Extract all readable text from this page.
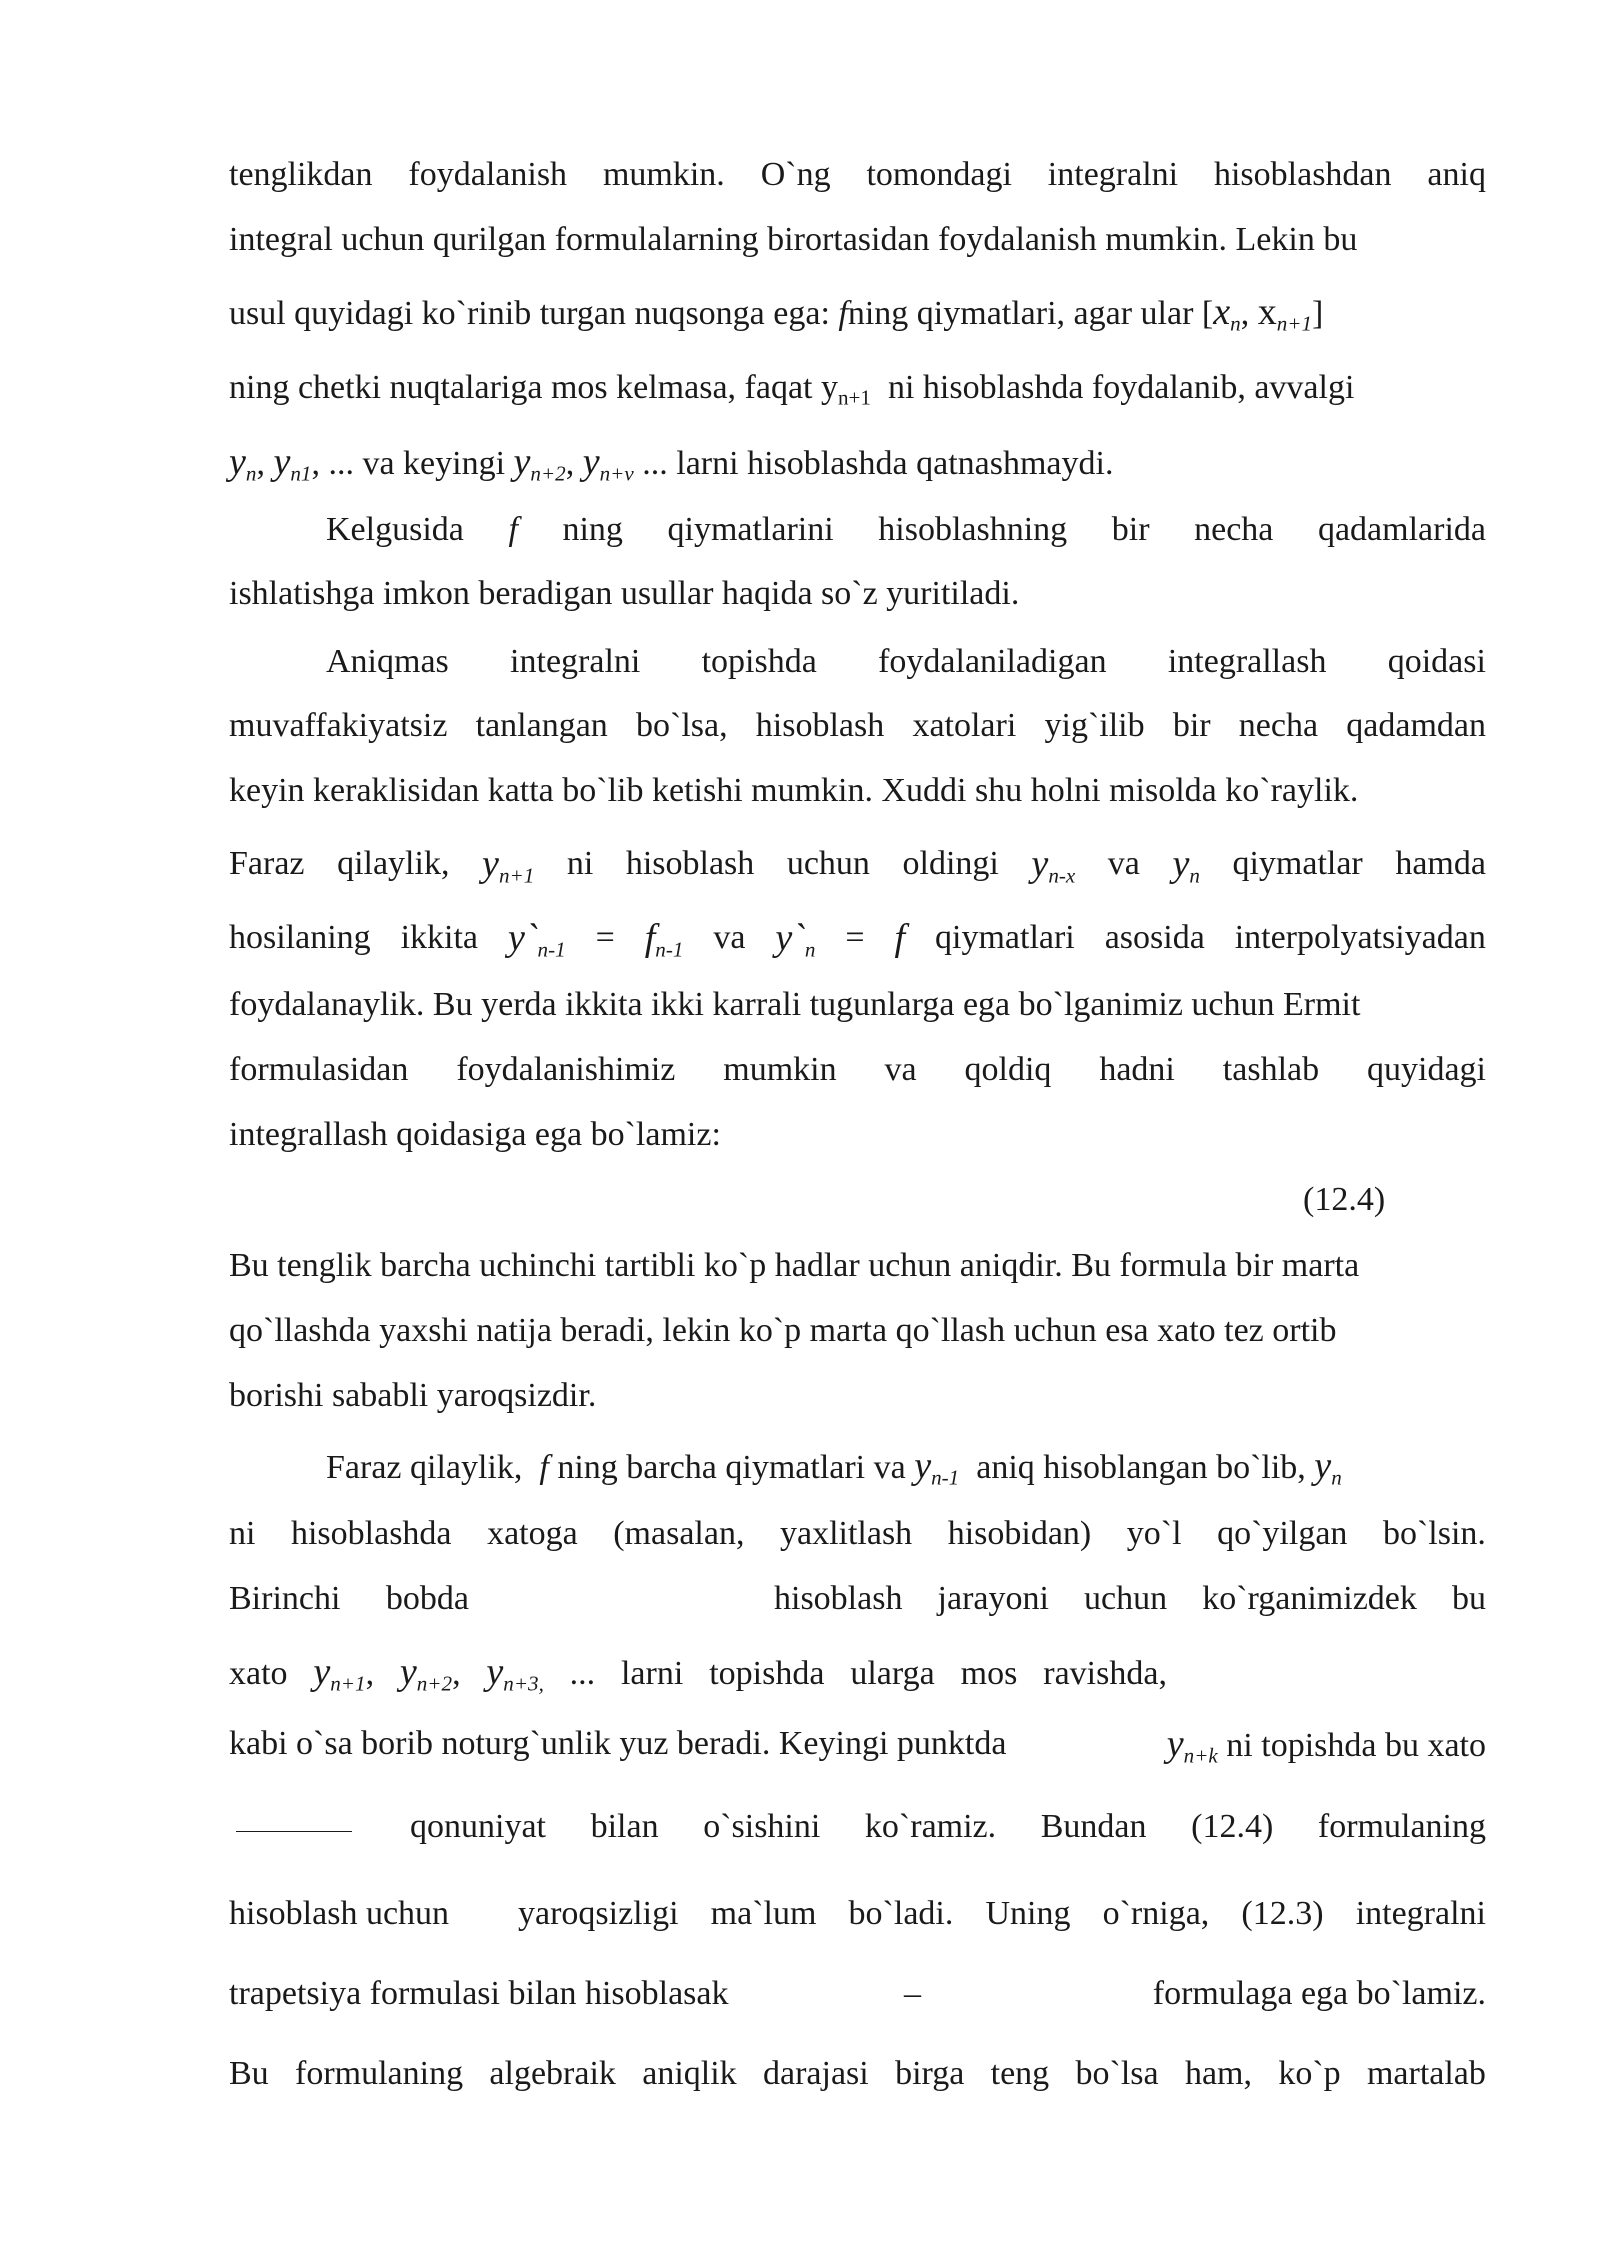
tenglikdan foydalanish mumkin. O`ng tomondagi integralni hisoblashdan aniq
integral uchun qurilgan formulalarning birortasidan foydalanish mumkin. Lekin bu
usul quyidagi ko`rinib turgan nuqsonga ega: fning qiymatlari, agar ular [$x_n$, $x_{n+1}$]
ning chetki nuqtalariga mos kelmasa, faqat $y_{n+1}$ ni hisoblashda foydalanib, avvalgi
$y_n$, $y_{n1}$, ... va keyingi $y_{n+2}$, $y_{n+v}$ ... larni hisoblashda qatnashmaydi.
Kelgusida f ning qiymatlarini hisoblashning bir necha qadamlarida
ishlatishga imkon beradigan usullar haqida so`z yuritiladi.
Aniqmas integralni topishda foydalaniladigan integrallash qoidasi
muvaffakiyatsiz tanlangan bo`lsa, hisoblash xatolari yig`ilib bir necha qadamdan
keyin keraklisidan katta bo`lib ketishi mumkin. Xuddi shu holni misolda ko`raylik.
Faraz qilaylik, $y_{n+1}$ ni hisoblash uchun oldingi $y_{n-x}$ va $y_n$ qiymatlar hamda
hosilaning ikkita $y`_{n-1} = f_{n-1}$ va $y`_n = f$ qiymatlari asosida interpolyatsiyadan
foydalanaylik. Bu yerda ikkita ikki karrali tugunlarga ega bo`lganimiz uchun Ermit
formulasidan foydalanishimiz mumkin va qoldiq hadni tashlab quyidagi
integrallash qoidasiga ega bo`lamiz:
(12.4)
Bu tenglik barcha uchinchi tartibli ko`p hadlar uchun aniqdir. Bu formula bir marta
qo`llashda yaxshi natija beradi, lekin ko`p marta qo`llash uchun esa xato tez ortib
borishi sababli yaroqsizdir.
Faraz qilaylik, f ning barcha qiymatlari va $y_{n-1}$ aniq hisoblangan bo`lib, $y_n$
ni hisoblashda xatoga (masalan, yaxlitlash hisobidan) yo`l qo`yilgan bo`lsin.
Birinchi bobda	hisoblash jarayoni uchun ko`rganimizdek bu
xato $y_{n+1}$, $y_{n+2}$, $y_{n+3,}$ ... larni topishda ularga mos ravishda,
kabi o`sa borib noturg`unlik yuz beradi. Keyingi punktda	$y_{n+k}$ ni topishda bu xato
qonuniyat bilan o`sishini ko`ramiz. Bundan (12.4) formulaning
hisoblash uchun yaroqsizligi ma`lum bo`ladi. Uning o`rniga, (12.3) integralni
trapetsiya formulasi bilan hisoblasak	–	formulaga ega bo`lamiz.
Bu formulaning algebraik aniqlik darajasi birga teng bo`lsa ham, ko`p martalab
